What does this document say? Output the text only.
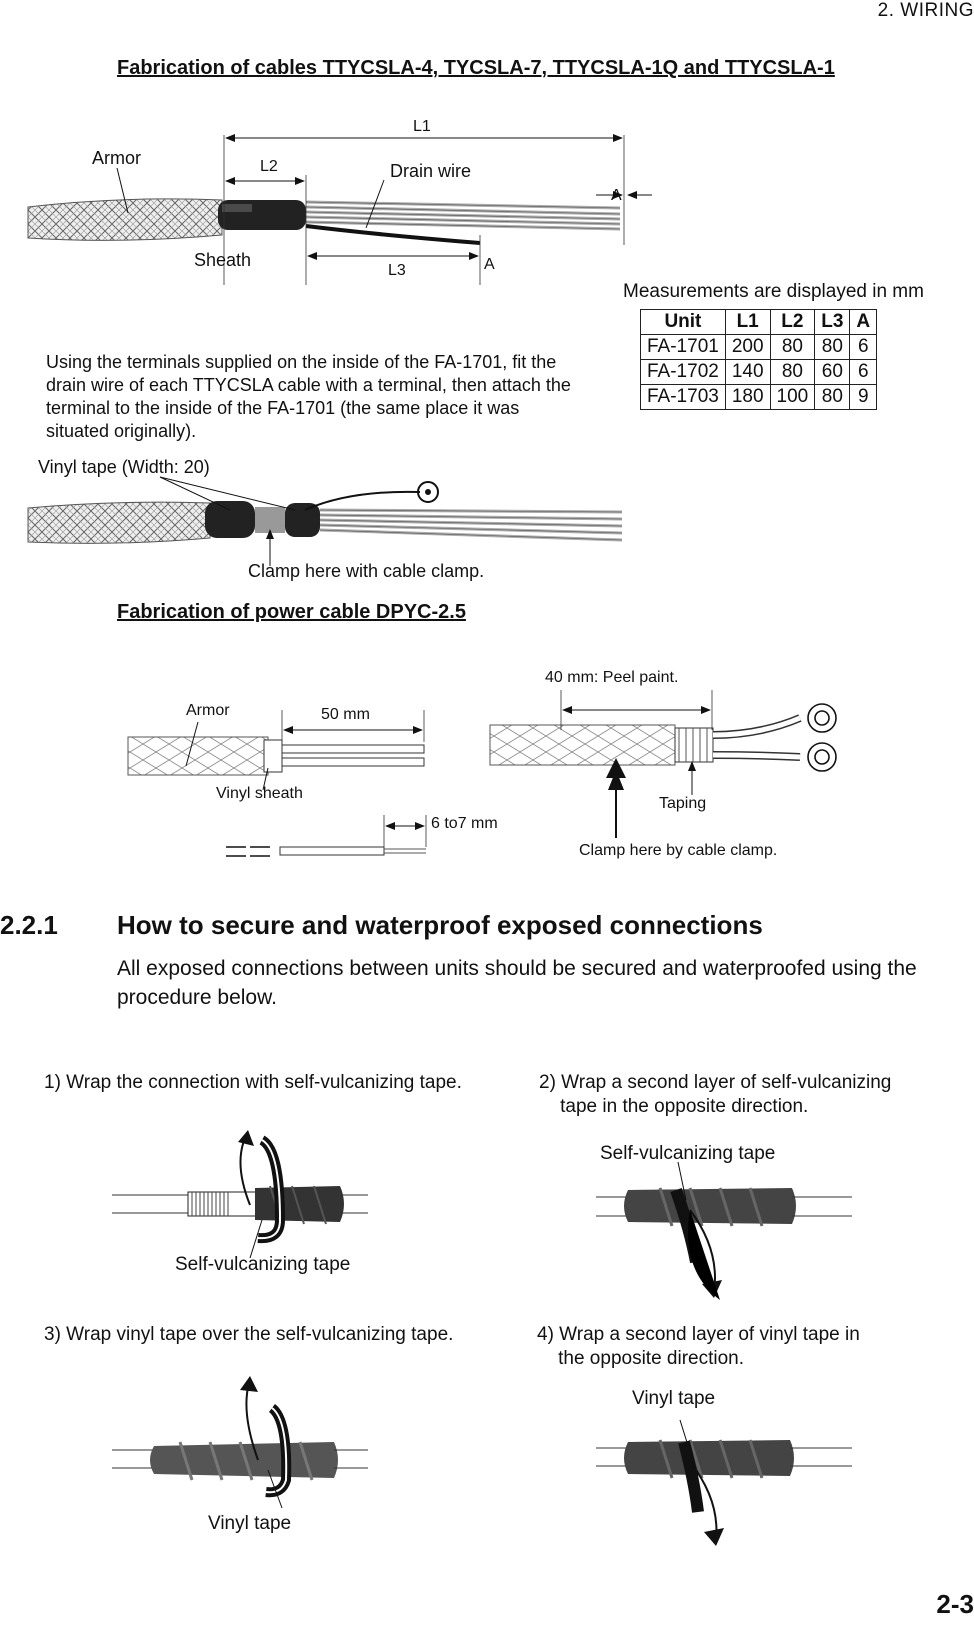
2. WIRING
Fabrication of cables TTYCSLA-4, TYCSLA-7, TTYCSLA-1Q and TTYCSLA-1
Armor
L1
L2
L3
Drain wire
Sheath
A
A
Measurements are displayed in mm
Unit	L1	L2	L3	A
FA-1701	200	80	80	6
FA-1702	140	80	60	6
FA-1703	180	100	80	9
Using the terminals supplied on the inside of the FA-1701, fit the drain wire of each TTYCSLA cable with a terminal, then attach the terminal to the inside of the FA-1701 (the same place it was situated originally).
Vinyl tape (Width: 20)
Clamp here with cable clamp.
Fabrication of power cable DPYC-2.5
Armor	50 mm
Vinyl sheath
6 to7 mm
40 mm: Peel paint.
Taping
Clamp here by cable clamp.
2.2.1 How to secure and waterproof exposed connections
All exposed connections between units should be secured and waterproofed using the procedure below.
1) Wrap the connection with self-vulcanizing tape.	2) Wrap a second layer of self-vulcanizing
tape in the opposite direction.
3) Wrap vinyl tape over the self-vulcanizing tape.	4) Wrap a second layer of vinyl tape in
the opposite direction.
Self-vulcanizing tape
Self-vulcanizing tape
Vinyl tape
Vinyl tape
2-3
